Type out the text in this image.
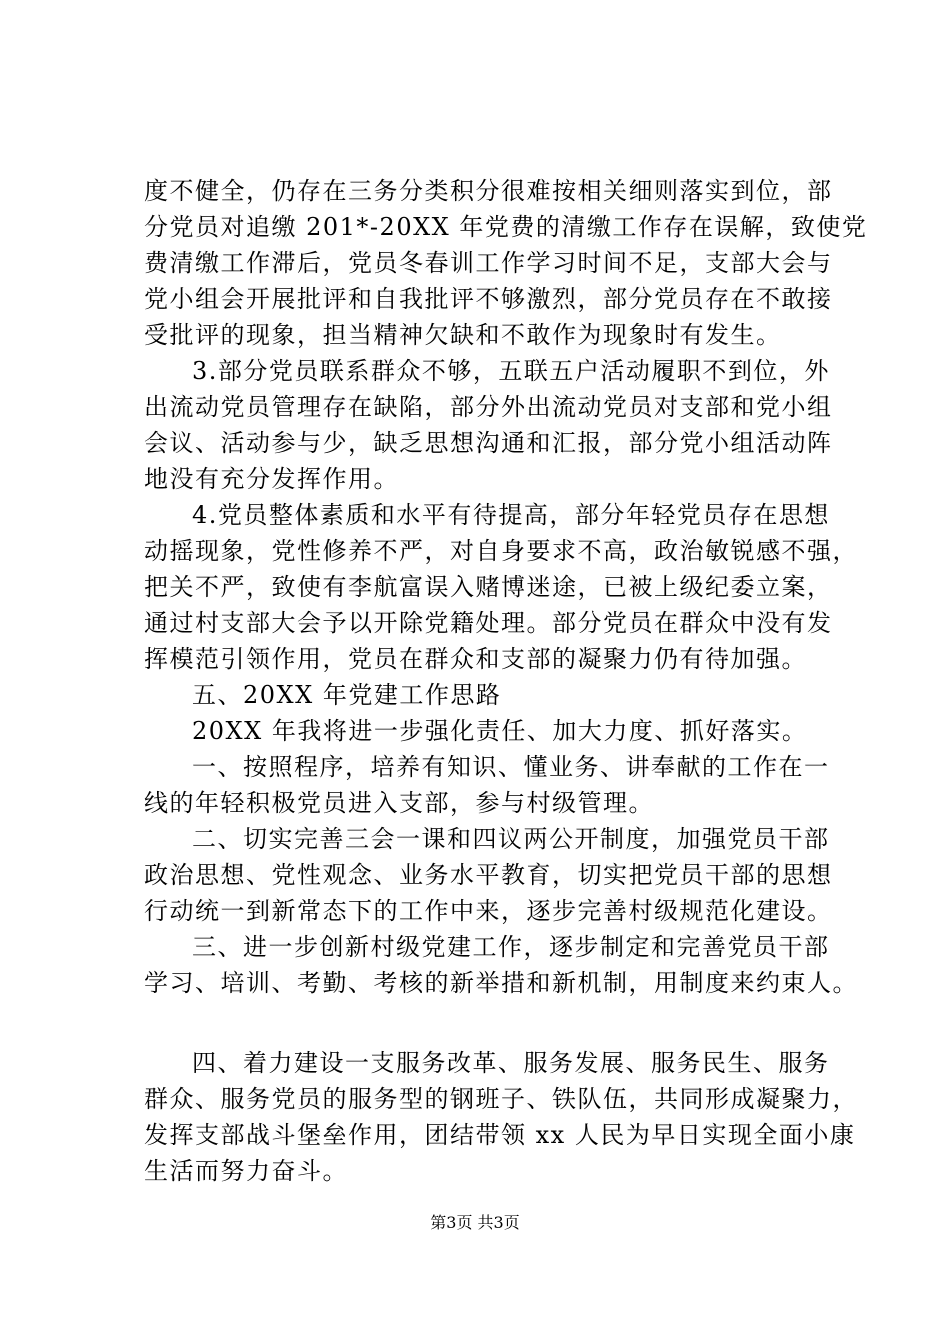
度不健全，仍存在三务分类积分很难按相关细则落实到位，部
分党员对追缴 201*-20XX 年党费的清缴工作存在误解，致使党
费清缴工作滞后，党员冬春训工作学习时间不足，支部大会与
党小组会开展批评和自我批评不够激烈，部分党员存在不敢接
受批评的现象，担当精神欠缺和不敢作为现象时有发生。
3.部分党员联系群众不够，五联五户活动履职不到位，外
出流动党员管理存在缺陷，部分外出流动党员对支部和党小组
会议、活动参与少，缺乏思想沟通和汇报，部分党小组活动阵
地没有充分发挥作用。
4.党员整体素质和水平有待提高，部分年轻党员存在思想
动摇现象，党性修养不严，对自身要求不高，政治敏锐感不强，
把关不严，致使有李航富误入赌博迷途，已被上级纪委立案，
通过村支部大会予以开除党籍处理。部分党员在群众中没有发
挥模范引领作用，党员在群众和支部的凝聚力仍有待加强。
五、20XX 年党建工作思路
20XX 年我将进一步强化责任、加大力度、抓好落实。
一、按照程序，培养有知识、懂业务、讲奉献的工作在一
线的年轻积极党员进入支部，参与村级管理。
二、切实完善三会一课和四议两公开制度，加强党员干部
政治思想、党性观念、业务水平教育，切实把党员干部的思想
行动统一到新常态下的工作中来，逐步完善村级规范化建设。
三、进一步创新村级党建工作，逐步制定和完善党员干部
学习、培训、考勤、考核的新举措和新机制，用制度来约束人。
四、着力建设一支服务改革、服务发展、服务民生、服务
群众、服务党员的服务型的钢班子、铁队伍，共同形成凝聚力，
发挥支部战斗堡垒作用，团结带领 xx 人民为早日实现全面小康
生活而努力奋斗。
第3页 共3页
